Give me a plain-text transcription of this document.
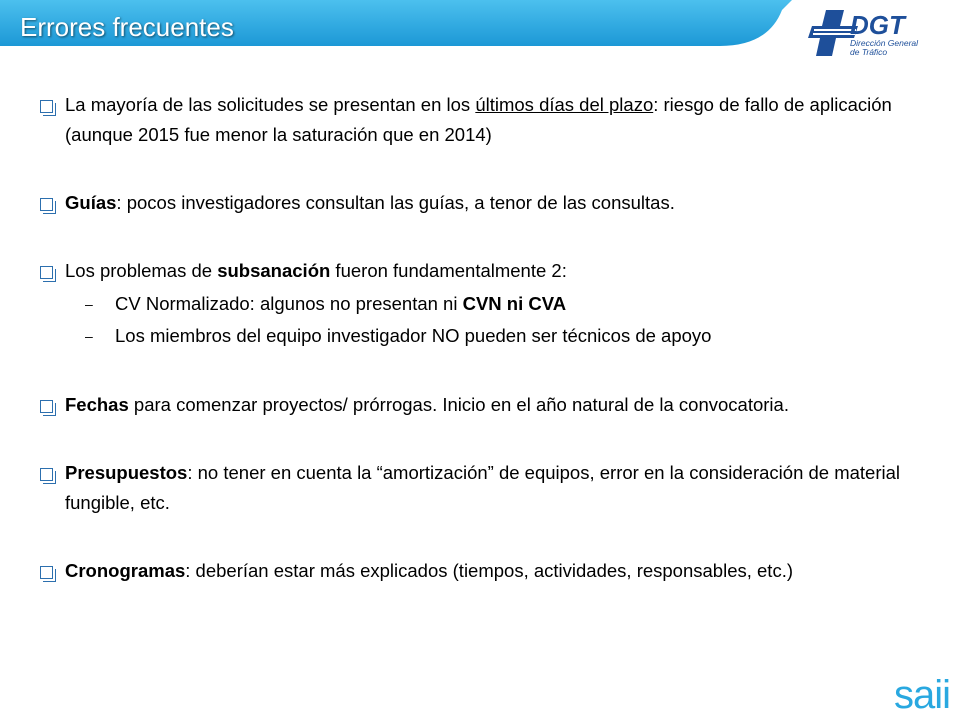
Errores frecuentes	DGT
Dirección General
de Tráfico
La mayoría de las solicitudes se presentan en los últimos días del plazo: riesgo de fallo de aplicación (aunque 2015 fue menor la saturación que en 2014)
Guías: pocos investigadores consultan las guías, a tenor de las consultas.
Los problemas de subsanación fueron fundamentalmente 2:
– CV Normalizado: algunos no presentan ni CVN ni CVA
– Los miembros del equipo investigador NO pueden ser técnicos de apoyo
Fechas para comenzar proyectos/ prórrogas. Inicio en el año natural de la convocatoria.
Presupuestos: no tener en cuenta la “amortización” de equipos, error en la consideración de material fungible, etc.
Cronogramas: deberían estar más explicados (tiempos, actividades, responsables, etc.)
saii
